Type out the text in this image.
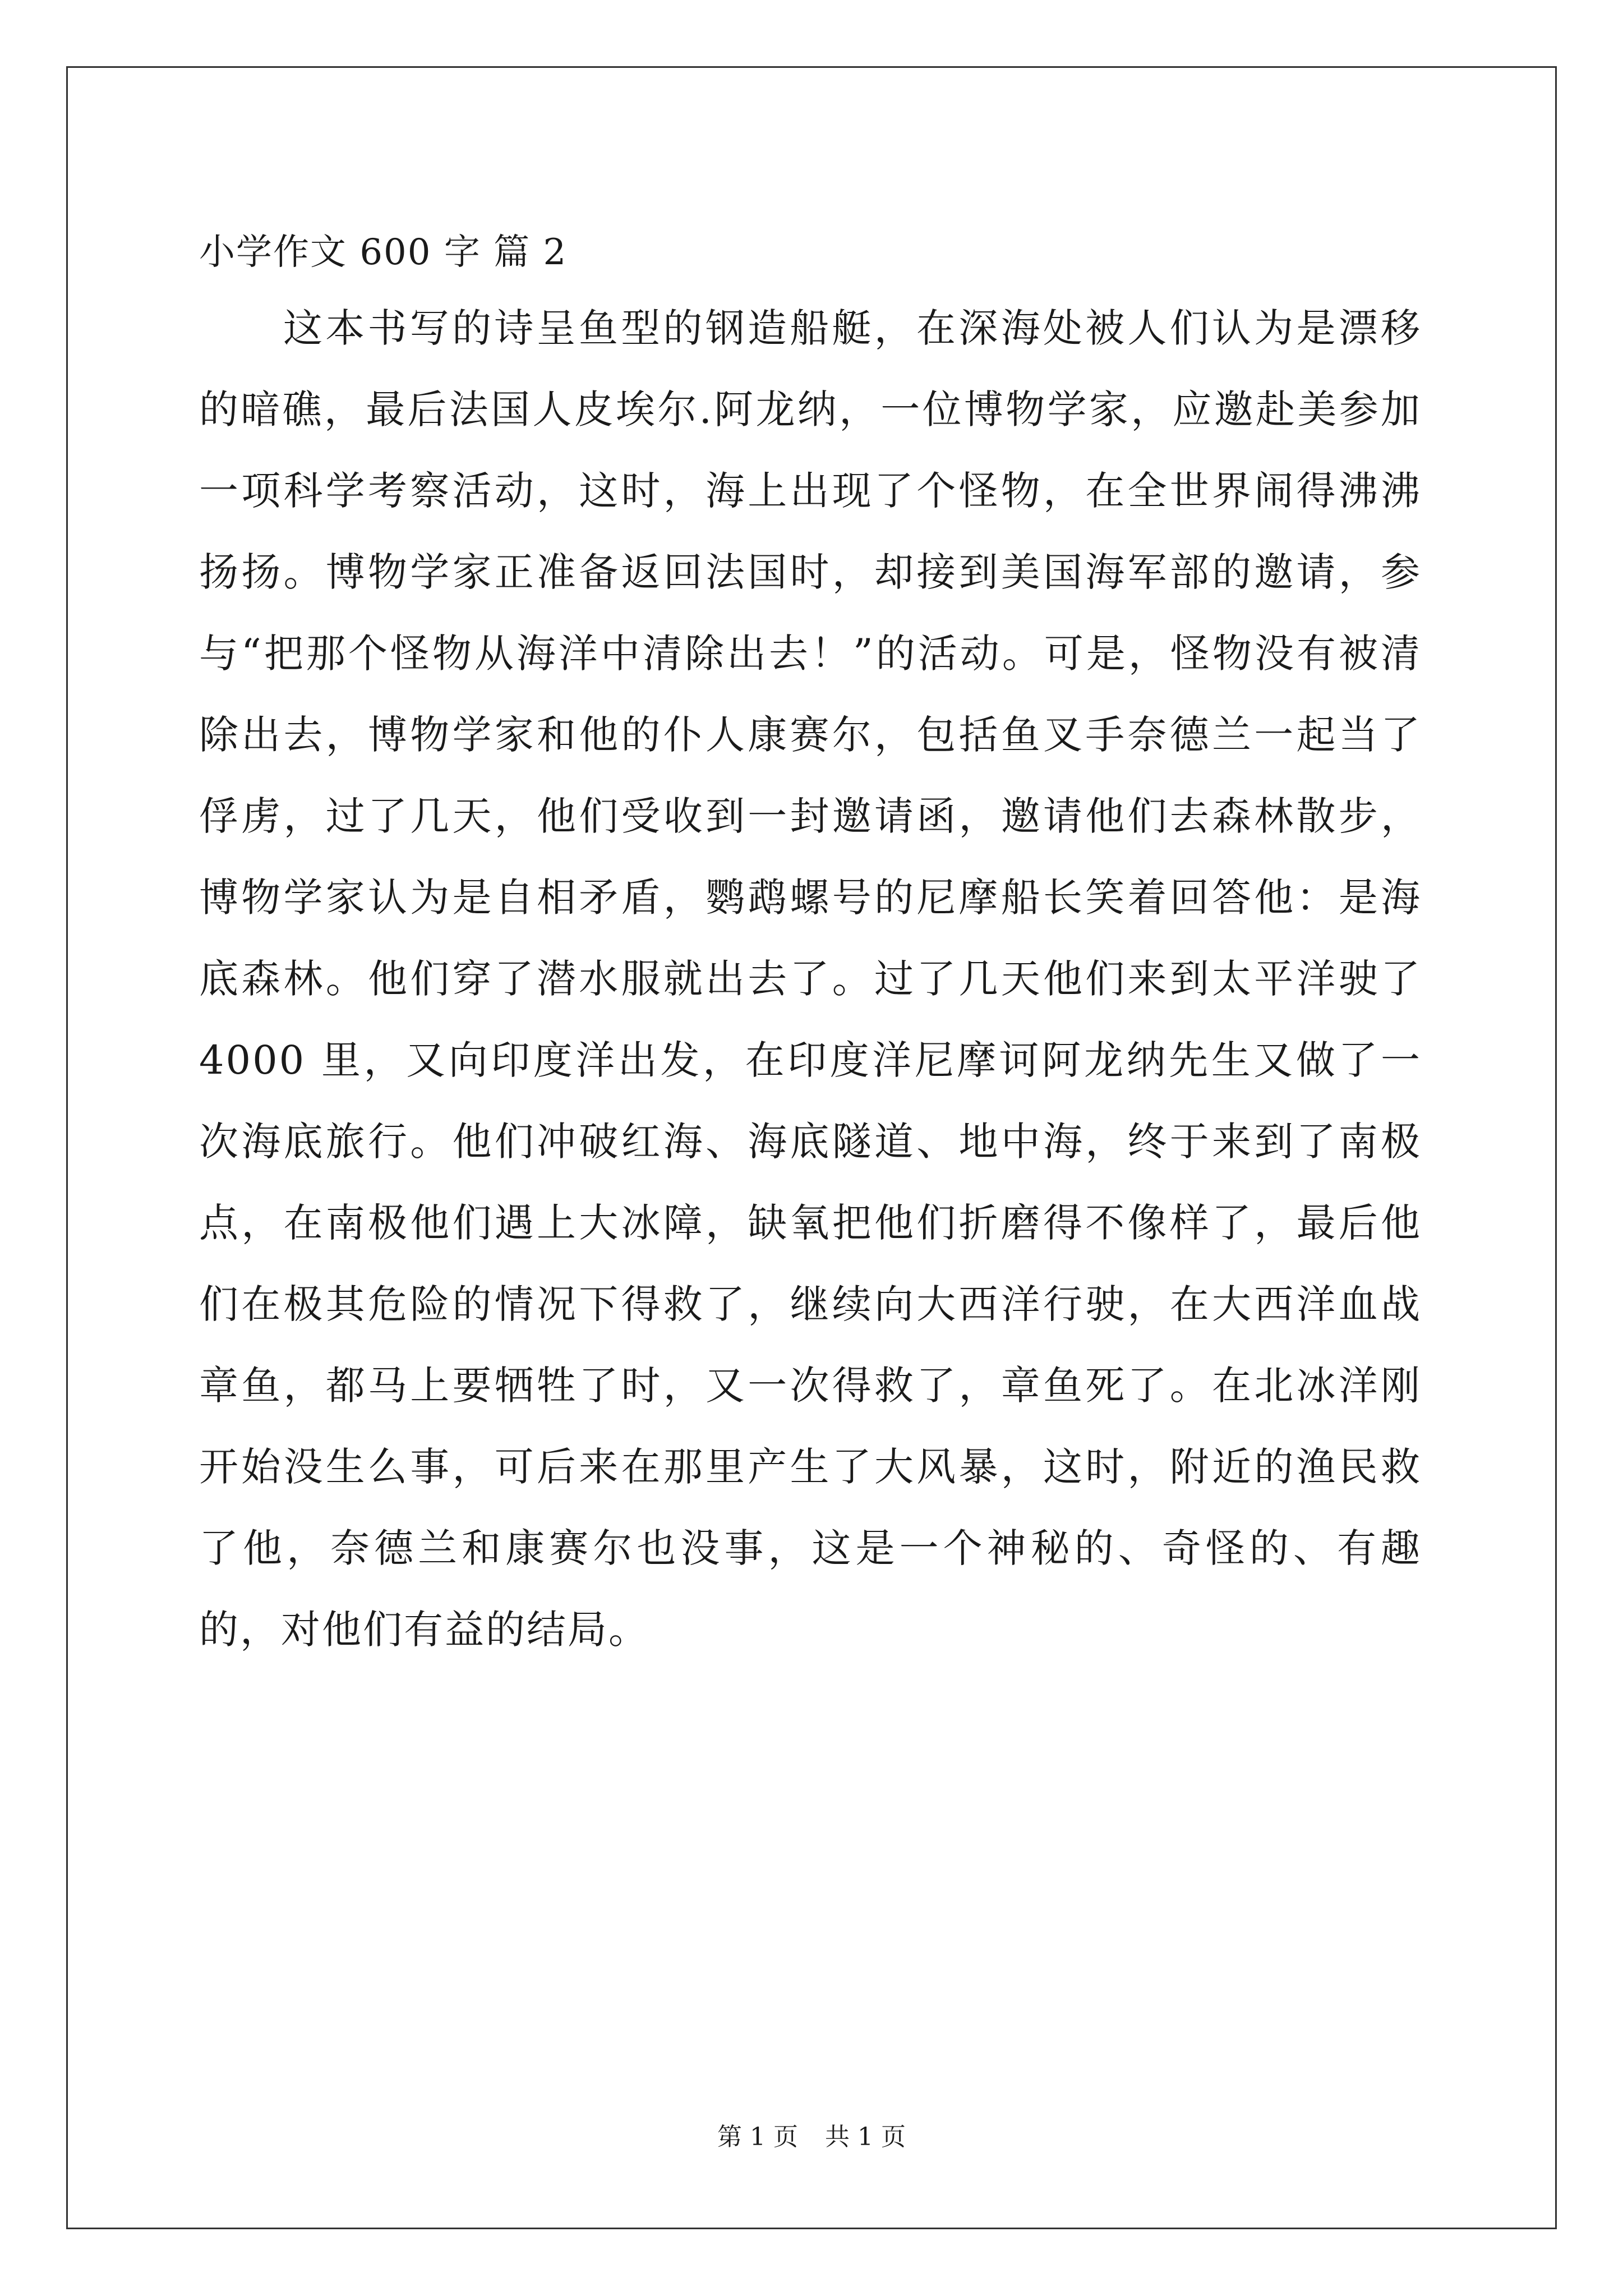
小学作文 600 字 篇 2

这本书写的诗呈鱼型的钢造船艇，在深海处被人们认为是漂移的暗礁，最后法国人皮埃尔.阿龙纳，一位博物学家，应邀赴美参加一项科学考察活动，这时，海上出现了个怪物，在全世界闹得沸沸扬扬。博物学家正准备返回法国时，却接到美国海军部的邀请，参与“把那个怪物从海洋中清除出去！”的活动。可是，怪物没有被清除出去，博物学家和他的仆人康赛尔，包括鱼叉手奈德兰一起当了俘虏，过了几天，他们受收到一封邀请函，邀请他们去森林散步，博物学家认为是自相矛盾，鹦鹉螺号的尼摩船长笑着回答他：是海底森林。他们穿了潜水服就出去了。过了几天他们来到太平洋驶了 4000 里，又向印度洋出发，在印度洋尼摩诃阿龙纳先生又做了一次海底旅行。他们冲破红海、海底隧道、地中海，终于来到了南极点，在南极他们遇上大冰障，缺氧把他们折磨得不像样了，最后他们在极其危险的情况下得救了，继续向大西洋行驶，在大西洋血战章鱼，都马上要牺牲了时，又一次得救了，章鱼死了。在北冰洋刚开始没生么事，可后来在那里产生了大风暴，这时，附近的渔民救了他，奈德兰和康赛尔也没事，这是一个神秘的、奇怪的、有趣的，对他们有益的结局。

第 1 页 共 1 页
